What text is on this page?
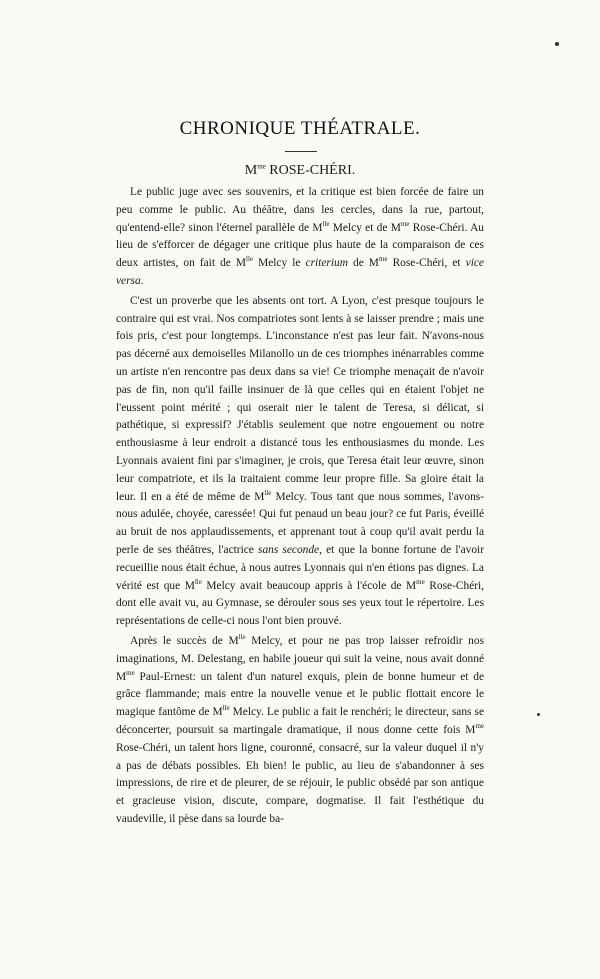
CHRONIQUE THÉATRALE.
$M^{me}$ ROSE-CHÉRI.

Le public juge avec ses souvenirs, et la critique est bien forcée de faire un peu comme le public. Au théâtre, dans les cercles, dans la rue, partout, qu'entend-elle? sinon l'éternel parallèle de $M^{lle}$ Melcy et de $M^{me}$ Rose-Chéri. Au lieu de s'efforcer de dégager une critique plus haute de la comparaison de ces deux artistes, on fait de $M^{lle}$ Melcy le criterium de $M^{me}$ Rose-Chéri, et vice versa.

C'est un proverbe que les absents ont tort. A Lyon, c'est presque toujours le contraire qui est vrai. Nos compatriotes sont lents à se laisser prendre ; mais une fois pris, c'est pour longtemps. L'inconstance n'est pas leur fait. N'avons-nous pas décerné aux demoiselles Milanollo un de ces triomphes inénarrables comme un artiste n'en rencontre pas deux dans sa vie! Ce triomphe menaçait de n'avoir pas de fin, non qu'il faille insinuer de là que celles qui en étaient l'objet ne l'eussent point mérité ; qui oserait nier le talent de Teresa, si délicat, si pathétique, si expressif? J'établis seulement que notre engouement ou notre enthousiasme à leur endroit a distancé tous les enthousiasmes du monde. Les Lyonnais avaient fini par s'imaginer, je crois, que Teresa était leur œuvre, sinon leur compatriote, et ils la traitaient comme leur propre fille. Sa gloire était la leur. Il en a été de même de $M^{lle}$ Melcy. Tous tant que nous sommes, l'avons-nous adulée, choyée, caressée! Qui fut penaud un beau jour? ce fut Paris, éveillé au bruit de nos applaudissements, et apprenant tout à coup qu'il avait perdu la perle de ses théâtres, l'actrice sans seconde, et que la bonne fortune de l'avoir recueillie nous était échue, à nous autres Lyonnais qui n'en étions pas dignes. La vérité est que $M^{lle}$ Melcy avait beaucoup appris à l'école de $M^{me}$ Rose-Chéri, dont elle avait vu, au Gymnase, se dérouler sous ses yeux tout le répertoire. Les représentations de celle-ci nous l'ont bien prouvé.

Après le succès de $M^{lle}$ Melcy, et pour ne pas trop laisser refroidir nos imaginations, M. Delestang, en habile joueur qui suit la veine, nous avait donné $M^{me}$ Paul-Ernest: un talent d'un naturel exquis, plein de bonne humeur et de grâce flammande; mais entre la nouvelle venue et le public flottait encore le magique fantôme de $M^{lle}$ Melcy. Le public a fait le renchéri; le directeur, sans se déconcerter, poursuit sa martingale dramatique, il nous donne cette fois $M^{me}$ Rose-Chéri, un talent hors ligne, couronné, consacré, sur la valeur duquel il n'y a pas de débats possibles. Eh bien! le public, au lieu de s'abandonner à ses impressions, de rire et de pleurer, de se réjouir, le public obsédé par son antique et gracieuse vision, discute, compare, dogmatise. Il fait l'esthétique du vaudeville, il pèse dans sa lourde ba-
